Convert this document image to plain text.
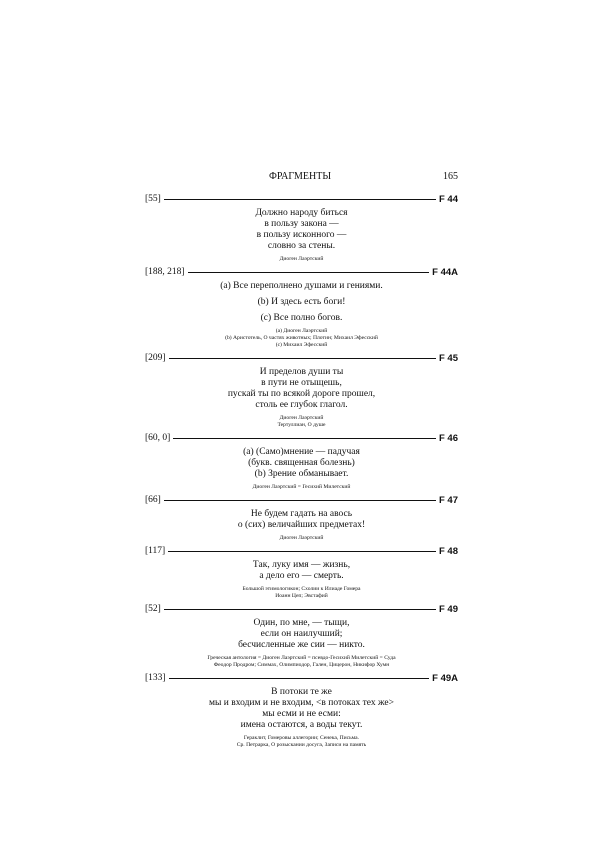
ФРАГМЕНТЫ	165
[55]	F 44
Должно народу биться
в пользу закона —
в пользу исконного —
словно за стены.
Диоген Лаэртский
[188, 218]	F 44A
(а) Все переполнено душами и гениями.
(b) И здесь есть боги!
(с) Все полно богов.
(а) Диоген Лаэртский
(b) Аристотель, О частях животных; Плотин; Михаил Эфесский
(с) Михаил Эфесский
[209]	F 45
И пределов души ты
в пути не отыщешь,
пускай ты по всякой дороге прошел,
столь ее глубок глагол.
Диоген Лаэртский
Тертуллиан, О душе
[60, 0]	F 46
(а) (Само)мнение — падучая
(букв. священная болезнь)
(b) Зрение обманывает.
Диоген Лаэртский = Гесихий Милетский
[66]	F 47
Не будем гадать на авось
о (сих) величайших предметах!
Диоген Лаэртский
[117]	F 48
Так, луку имя — жизнь,
а дело его — смерть.
Большой этимологикон; Схолии к Илиаде Гомера
Иоанн Цеп; Эвстафий
[52]	F 49
Один, по мне, — тыщи,
если он наилучший;
бесчисленные же сии — никто.
Греческая антология = Диоген Лаэртский = псевдо-Гесихий Милетский = Суда
Феодор Продром; Симмах, Олимпиодор, Гален, Цицерон, Никифор Хумн
[133]	F 49A
В потоки те же
мы и входим и не входим, <в потоках тех же>
мы есми и не есми:
имена остаются, а воды текут.
Гераклит, Гомеровы аллегории; Сенека, Письма.
Ср. Петрарка, О розыскании досуга, Записи на память
